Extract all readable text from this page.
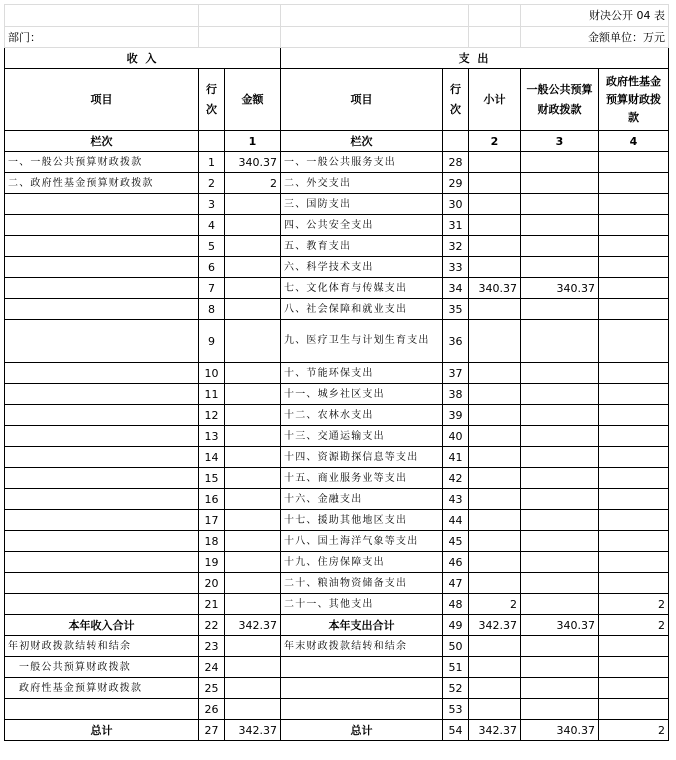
						财决公开 04 表	
部门：						金额单位：万元	
收 入			支 出				
项目	行次	金额	项目	行次	小计	一般公共预算财政拨款	政府性基金预算财政拨款
栏次		1	栏次		2	3	4
一、一般公共预算财政拨款	1	340.37	一、一般公共服务支出	28			
二、政府性基金预算财政拨款	2	2	二、外交支出	29			
	3		三、国防支出	30			
	4		四、公共安全支出	31			
	5		五、教育支出	32			
	6		六、科学技术支出	33			
	7		七、文化体育与传媒支出	34	340.37	340.37	
	8		八、社会保障和就业支出	35			
	9		九、医疗卫生与计划生育支出	36			
	10		十、节能环保支出	37			
	11		十一、城乡社区支出	38			
	12		十二、农林水支出	39			
	13		十三、交通运输支出	40			
	14		十四、资源勘探信息等支出	41			
	15		十五、商业服务业等支出	42			
	16		十六、金融支出	43			
	17		十七、援助其他地区支出	44			
	18		十八、国土海洋气象等支出	45			
	19		十九、住房保障支出	46			
	20		二十、粮油物资储备支出	47			
	21		二十一、其他支出	48	2		2
本年收入合计	22	342.37	本年支出合计	49	342.37	340.37	2
年初财政拨款结转和结余	23		年末财政拨款结转和结余	50			
一般公共预算财政拨款	24			51			
政府性基金预算财政拨款	25			52			
	26			53			
总计	27	342.37	总计	54	342.37	340.37	2
